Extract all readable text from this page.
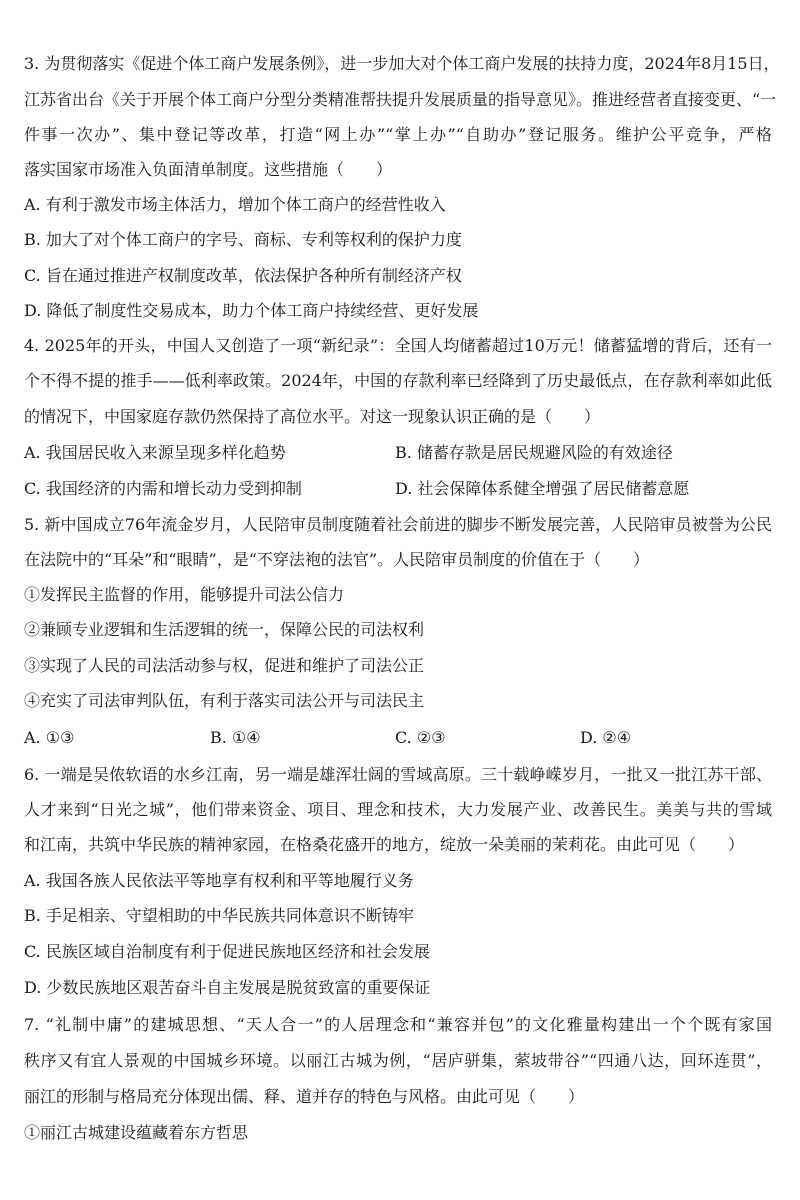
3. 为贯彻落实《促进个体工商户发展条例》，进一步加大对个体工商户发展的扶持力度，2024年8月15日，
江苏省出台《关于开展个体工商户分型分类精准帮扶提升发展质量的指导意见》。推进经营者直接变更、“一
件事一次办”、集中登记等改革，打造“网上办”“掌上办”“自助办”登记服务。维护公平竞争，严格
落实国家市场准入负面清单制度。这些措施（　　）
A. 有利于激发市场主体活力，增加个体工商户的经营性收入
B. 加大了对个体工商户的字号、商标、专利等权利的保护力度
C. 旨在通过推进产权制度改革，依法保护各种所有制经济产权
D. 降低了制度性交易成本，助力个体工商户持续经营、更好发展
4. 2025年的开头，中国人又创造了一项“新纪录”：全国人均储蓄超过10万元！储蓄猛增的背后，还有一
个不得不提的推手——低利率政策。2024年，中国的存款利率已经降到了历史最低点，在存款利率如此低
的情况下，中国家庭存款仍然保持了高位水平。对这一现象认识正确的是（　　）
A. 我国居民收入来源呈现多样化趋势	B. 储蓄存款是居民规避风险的有效途径
C. 我国经济的内需和增长动力受到抑制	D. 社会保障体系健全增强了居民储蓄意愿
5. 新中国成立76年流金岁月，人民陪审员制度随着社会前进的脚步不断发展完善，人民陪审员被誉为公民
在法院中的“耳朵”和“眼睛”，是“不穿法袍的法官”。人民陪审员制度的价值在于（　　）
①发挥民主监督的作用，能够提升司法公信力
②兼顾专业逻辑和生活逻辑的统一，保障公民的司法权利
③实现了人民的司法活动参与权，促进和维护了司法公正
④充实了司法审判队伍，有利于落实司法公开与司法民主
A. ①③	B. ①④	C. ②③	D. ②④
6. 一端是吴侬软语的水乡江南，另一端是雄浑壮阔的雪域高原。三十载峥嵘岁月，一批又一批江苏干部、
人才来到“日光之城”，他们带来资金、项目、理念和技术，大力发展产业、改善民生。美美与共的雪域
和江南，共筑中华民族的精神家园，在格桑花盛开的地方，绽放一朵美丽的茉莉花。由此可见（　　）
A. 我国各族人民依法平等地享有权利和平等地履行义务
B. 手足相亲、守望相助的中华民族共同体意识不断铸牢
C. 民族区域自治制度有利于促进民族地区经济和社会发展
D. 少数民族地区艰苦奋斗自主发展是脱贫致富的重要保证
7. “礼制中庸”的建城思想、“天人合一”的人居理念和“兼容并包”的文化雅量构建出一个个既有家国
秩序又有宜人景观的中国城乡环境。以丽江古城为例，“居庐骈集，萦坡带谷”“四通八达，回环连贯”，
丽江的形制与格局充分体现出儒、释、道并存的特色与风格。由此可见（　　）
①丽江古城建设蕴藏着东方哲思
